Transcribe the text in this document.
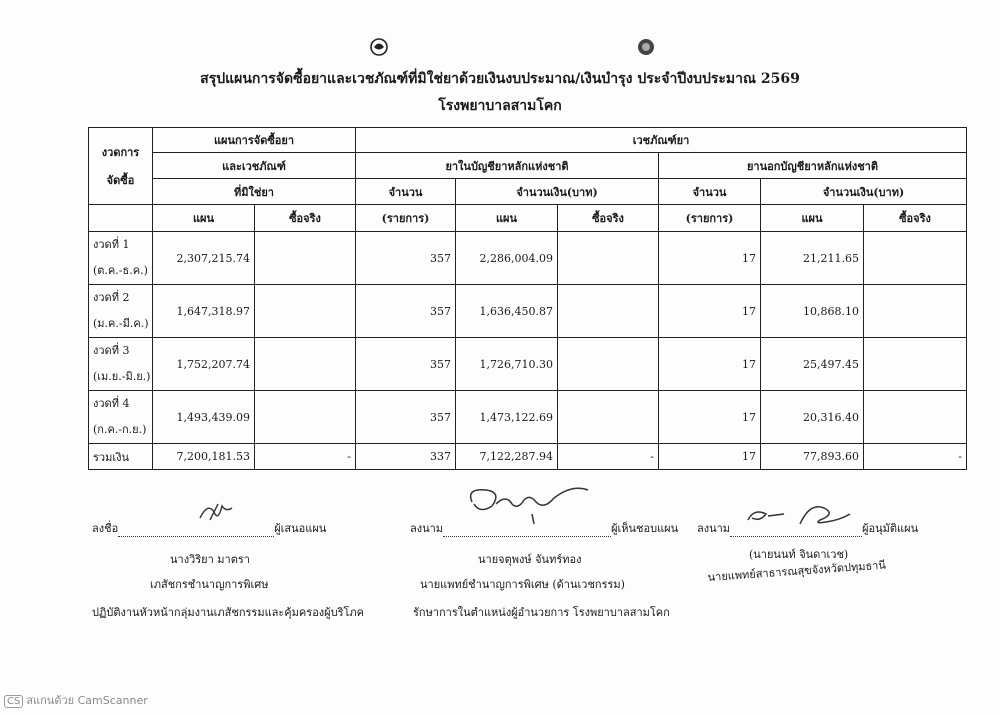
สรุปแผนการจัดซื้อยาและเวชภัณฑ์ที่มิใช่ยาด้วยเงินงบประมาณ/เงินบำรุง ประจำปีงบประมาณ 2569
โรงพยาบาลสามโคก
งวดการ
จัดซื้อ	แผนการจัดซื้อยา		เวชภัณฑ์ยา					
	และเวชภัณฑ์		ยาในบัญชียาหลักแห่งชาติ			ยานอกบัญชียาหลักแห่งชาติ		
	ที่มิใช่ยา		จำนวน	จำนวนเงิน(บาท)		จำนวน	จำนวนเงิน(บาท)	
	แผน	ซื้อจริง	(รายการ)	แผน	ซื้อจริง	(รายการ)	แผน	ซื้อจริง

งวดที่ 1
(ต.ค.-ธ.ค.)	2,307,215.74		357	2,286,004.09		17	21,211.65	

งวดที่ 2
(ม.ค.-มี.ค.)	1,647,318.97		357	1,636,450.87		17	10,868.10	

งวดที่ 3
(เม.ย.-มิ.ย.)	1,752,207.74		357	1,726,710.30		17	25,497.45	

งวดที่ 4
(ก.ค.-ก.ย.)	1,493,439.09		357	1,473,122.69		17	20,316.40	
รวมเงิน	7,200,181.53	-	337	7,122,287.94	-	17	77,893.60	-
ลงชื่อ	ผู้เสนอแผน
นางวิริยา มาตรา
เภสัชกรชำนาญการพิเศษ
ปฏิบัติงานหัวหน้ากลุ่มงานเภสัชกรรมและคุ้มครองผู้บริโภค
ลงนาม	ผู้เห็นชอบแผน
นายจตุพงษ์ จันทร์ทอง
นายแพทย์ชำนาญการพิเศษ (ด้านเวชกรรม)
รักษาการในตำแหน่งผู้อำนวยการ โรงพยาบาลสามโคก
ลงนาม	ผู้อนุมัติแผน
(นายนนท์ จินดาเวช)
นายแพทย์สาธารณสุขจังหวัดปทุมธานี
CS สแกนด้วย CamScanner
